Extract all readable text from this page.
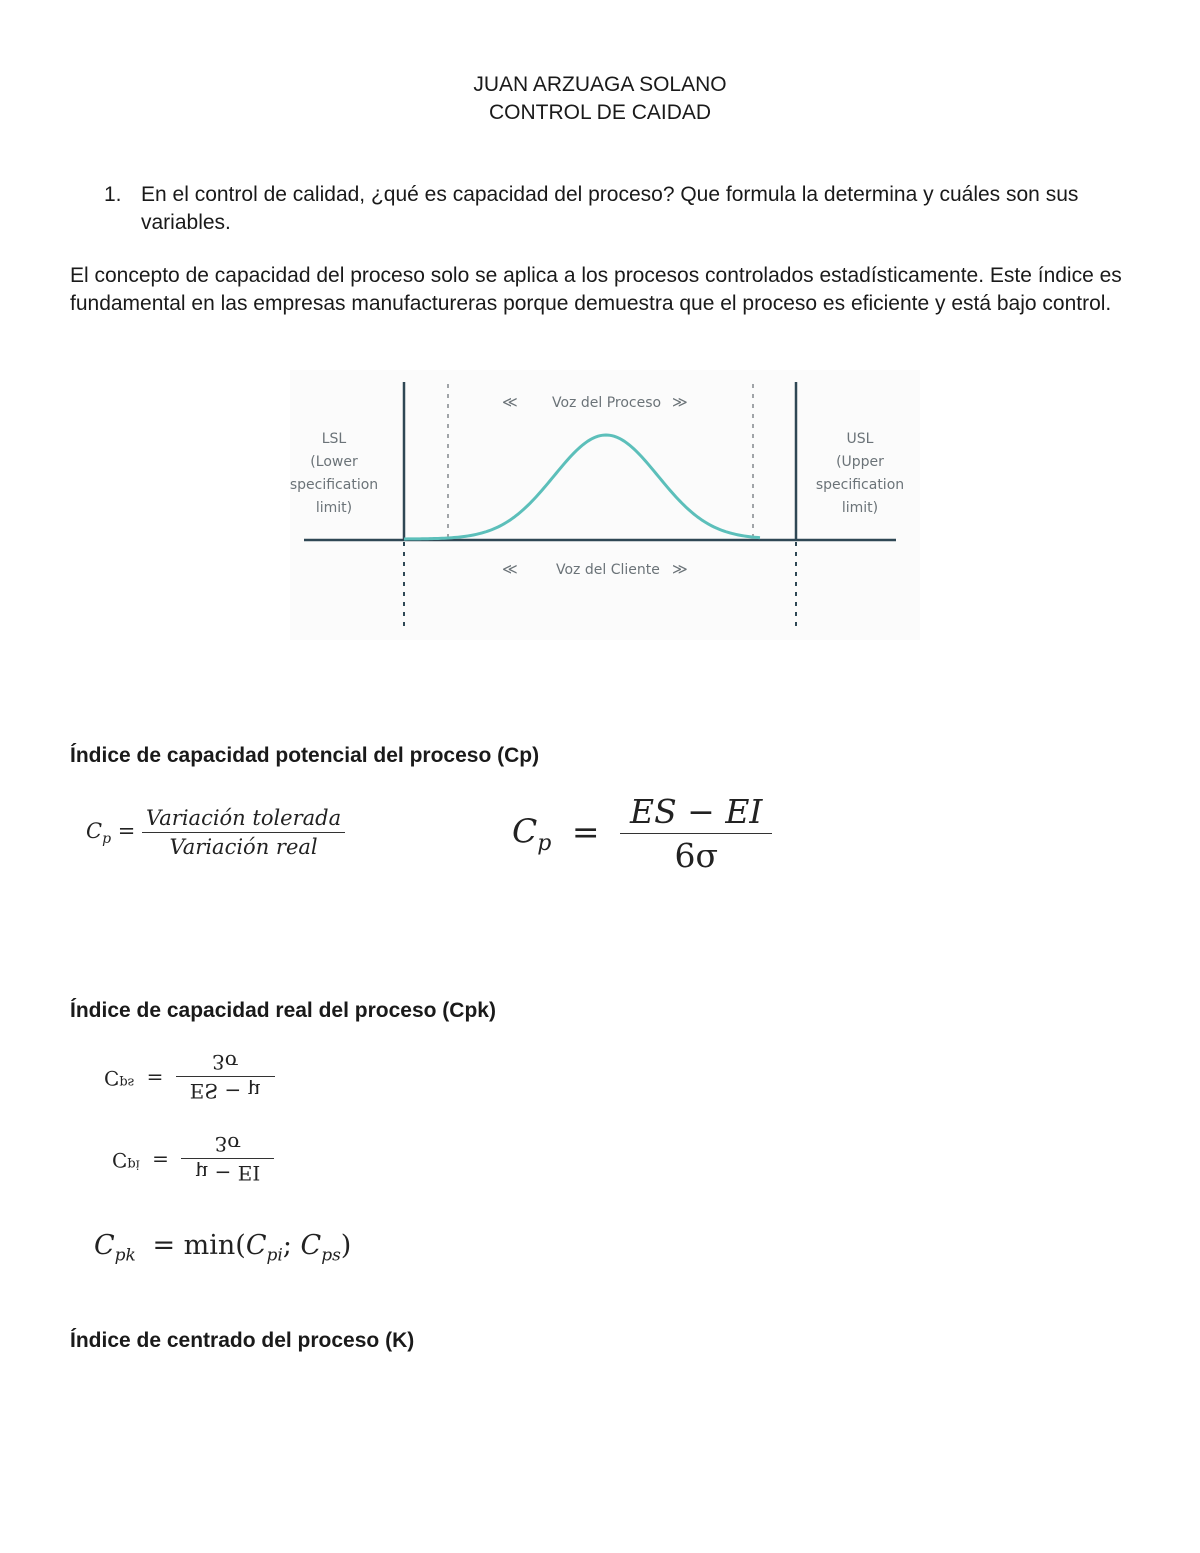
JUAN ARZUAGA SOLANO
CONTROL DE CAIDAD
1. En el control de calidad, ¿qué es capacidad del proceso? Que formula la determina y cuáles son sus variables.
El concepto de capacidad del proceso solo se aplica a los procesos controlados estadísticamente. Este índice es fundamental en las empresas manufactureras porque demuestra que el proceso es eficiente y está bajo control.
≪ Voz del Proceso ≫
≪	Voz del Cliente ≫
LSL
(Lower
specification
limit)
USL
(Upper
specification
limit)
Índice de capacidad potencial del proceso (Cp)
$C_p = \frac{\text{Variación tolerada}}{\text{Variación real}}$	$C_p = \frac{ES - EI}{6\sigma}$
Índice de capacidad real del proceso (Cpk)
$C^{ps}$ =
ES − μ
3σ
$C^{pi}$ =
μ − EI
3σ
$C_{pk} = \min(C_{pi}$; $C_{ps}$)
Índice de centrado del proceso (K)
